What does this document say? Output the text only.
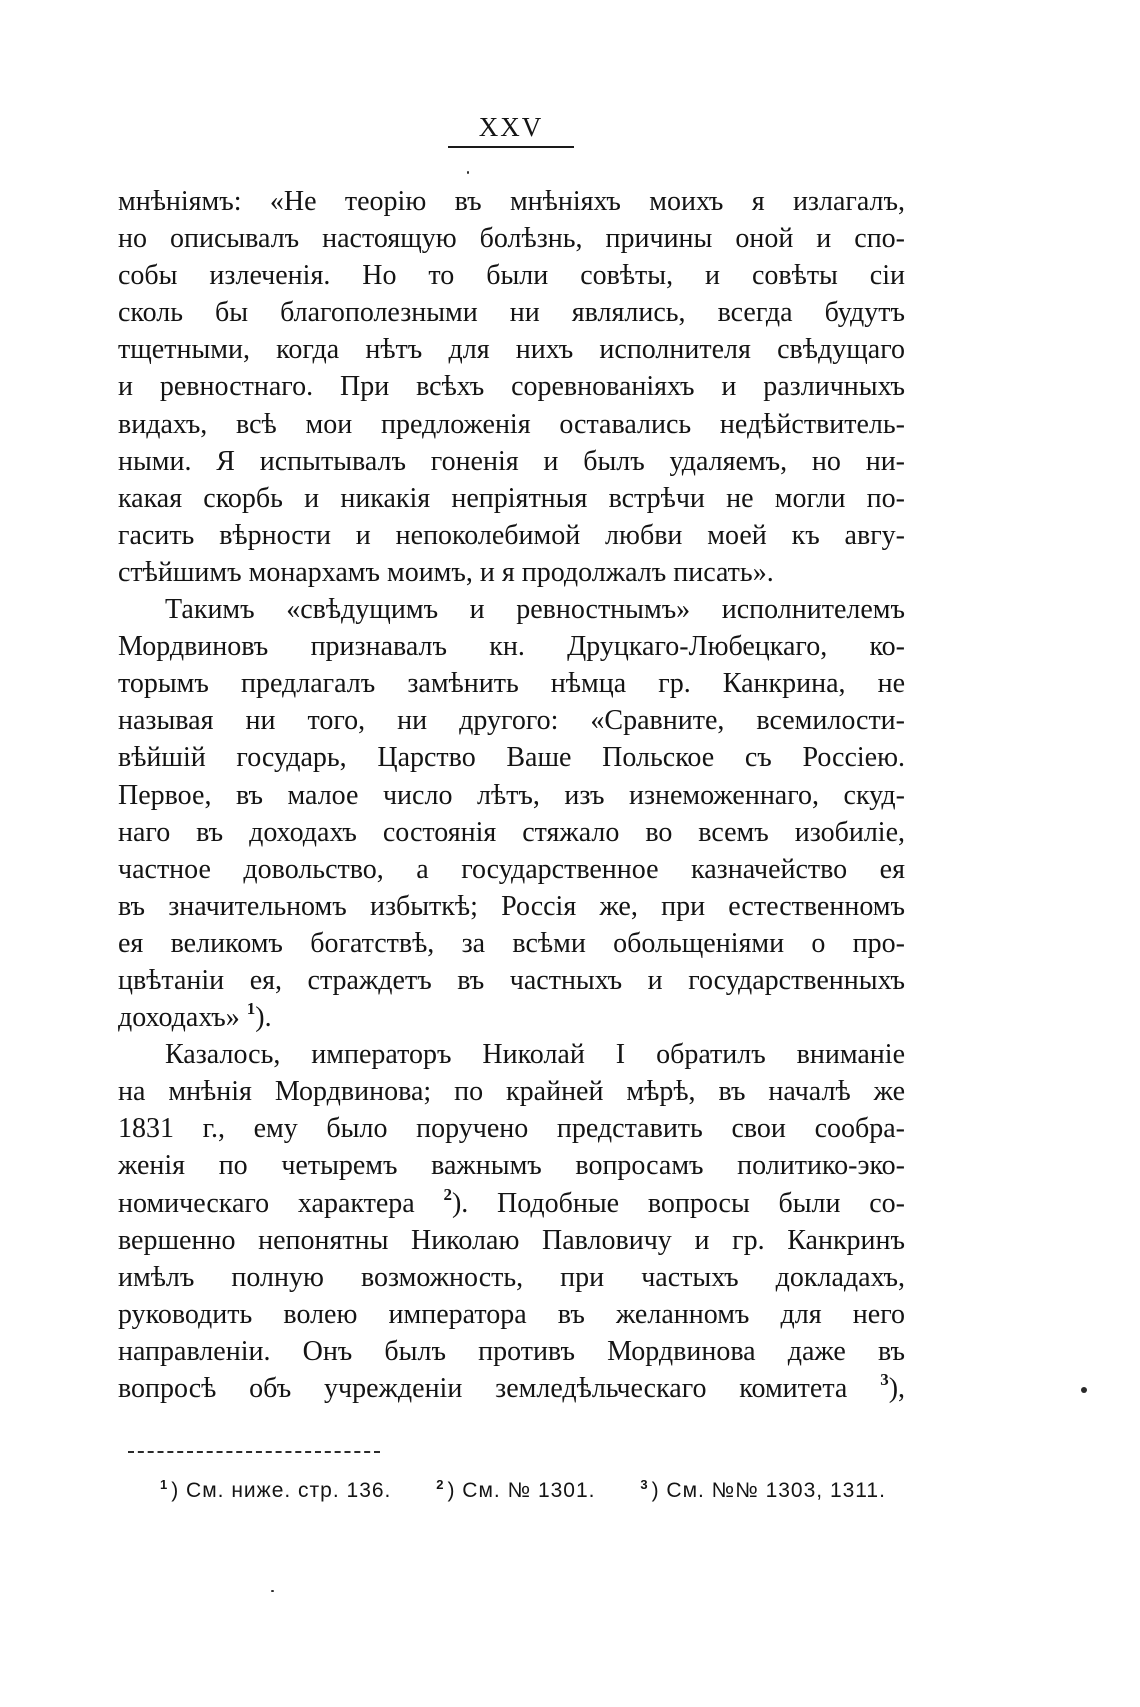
XXV
мнѣніямъ: «Не теорію въ мнѣніяхъ моихъ я излагалъ,
но описывалъ настоящую болѣзнь, причины оной и спо-
собы излеченія. Но то были совѣты, и совѣты сіи
сколь бы благополезными ни являлись, всегда будутъ
тщетными, когда нѣтъ для нихъ исполнителя свѣдущаго
и ревностнаго. При всѣхъ соревнованіяхъ и различныхъ
видахъ, всѣ мои предложенія оставались недѣйствитель-
ными. Я испытывалъ гоненія и былъ удаляемъ, но ни-
какая скорбь и никакія непріятныя встрѣчи не могли по-
гасить вѣрности и непоколебимой любви моей къ авгу-
стѣйшимъ монархамъ моимъ, и я продолжалъ писать».
Такимъ «свѣдущимъ и ревностнымъ» исполнителемъ
Мордвиновъ признавалъ кн. Друцкаго-Любецкаго, ко-
торымъ предлагалъ замѣнить нѣмца гр. Канкрина, не
называя ни того, ни другого: «Сравните, всемилости-
вѣйшій государь, Царство Ваше Польское съ Россіею.
Первое, въ малое число лѣтъ, изъ изнеможеннаго, скуд-
наго въ доходахъ состоянія стяжало во всемъ изобиліе,
частное довольство, а государственное казначейство ея
въ значительномъ избыткѣ; Россія же, при естественномъ
ея великомъ богатствѣ, за всѣми обольщеніями о про-
цвѣтаніи ея, страждетъ въ частныхъ и государственныхъ
доходахъ» $^1$).
Казалось, императоръ Николай I обратилъ вниманіе
на мнѣнія Мордвинова; по крайней мѣрѣ, въ началѣ же
1831 г., ему было поручено представить свои сообра-
женія по четыремъ важнымъ вопросамъ политико-эко-
номическаго характера $^2$). Подобные вопросы были со-
вершенно непонятны Николаю Павловичу и гр. Канкринъ
имѣлъ полную возможность, при частыхъ докладахъ,
руководить волею императора въ желанномъ для него
направленіи. Онъ былъ противъ Мордвинова даже въ
вопросѣ объ учрежденіи земледѣльческаго комитета $^3$),
$^1$ ) См. ниже. стр. 136.	$^2$ ) См. № 1301.	$^3$ ) См. №№ 1303, 1311.
